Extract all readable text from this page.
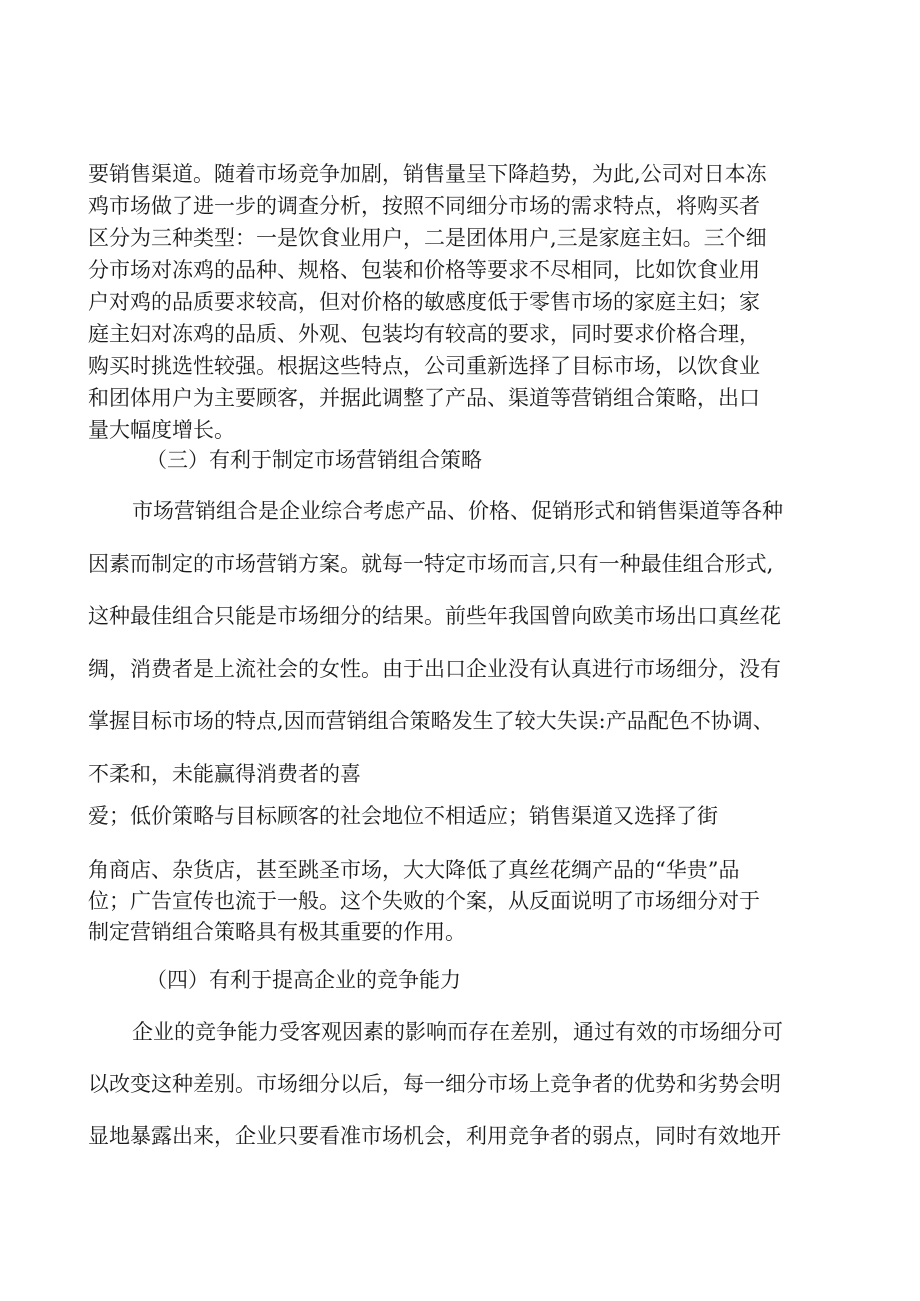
要销售渠道。随着市场竞争加剧，销售量呈下降趋势，为此,公司对日本冻

鸡市场做了进一步的调查分析，按照不同细分市场的需求特点，将购买者

区分为三种类型：一是饮食业用户，二是团体用户,三是家庭主妇。三个细

分市场对冻鸡的品种、规格、包装和价格等要求不尽相同，比如饮食业用

户对鸡的品质要求较高，但对价格的敏感度低于零售市场的家庭主妇；家

庭主妇对冻鸡的品质、外观、包装均有较高的要求，同时要求价格合理，

购买时挑选性较强。根据这些特点，公司重新选择了目标市场，以饮食业

和团体用户为主要顾客，并据此调整了产品、渠道等营销组合策略，出口

量大幅度增长。

（三）有利于制定市场营销组合策略

市场营销组合是企业综合考虑产品、价格、促销形式和销售渠道等各种

因素而制定的市场营销方案。就每一特定市场而言,只有一种最佳组合形式,

这种最佳组合只能是市场细分的结果。前些年我国曾向欧美市场出口真丝花

绸，消费者是上流社会的女性。由于出口企业没有认真进行市场细分，没有

掌握目标市场的特点,因而营销组合策略发生了较大失误:产品配色不协调、

不柔和，未能赢得消费者的喜

爱；低价策略与目标顾客的社会地位不相适应；销售渠道又选择了街

角商店、杂货店，甚至跳圣市场，大大降低了真丝花绸产品的“华贵”品

位；广告宣传也流于一般。这个失败的个案，从反面说明了市场细分对于

制定营销组合策略具有极其重要的作用。

（四）有利于提高企业的竞争能力

企业的竞争能力受客观因素的影响而存在差别，通过有效的市场细分可

以改变这种差别。市场细分以后，每一细分市场上竞争者的优势和劣势会明

显地暴露出来，企业只要看准市场机会，利用竞争者的弱点，同时有效地开
